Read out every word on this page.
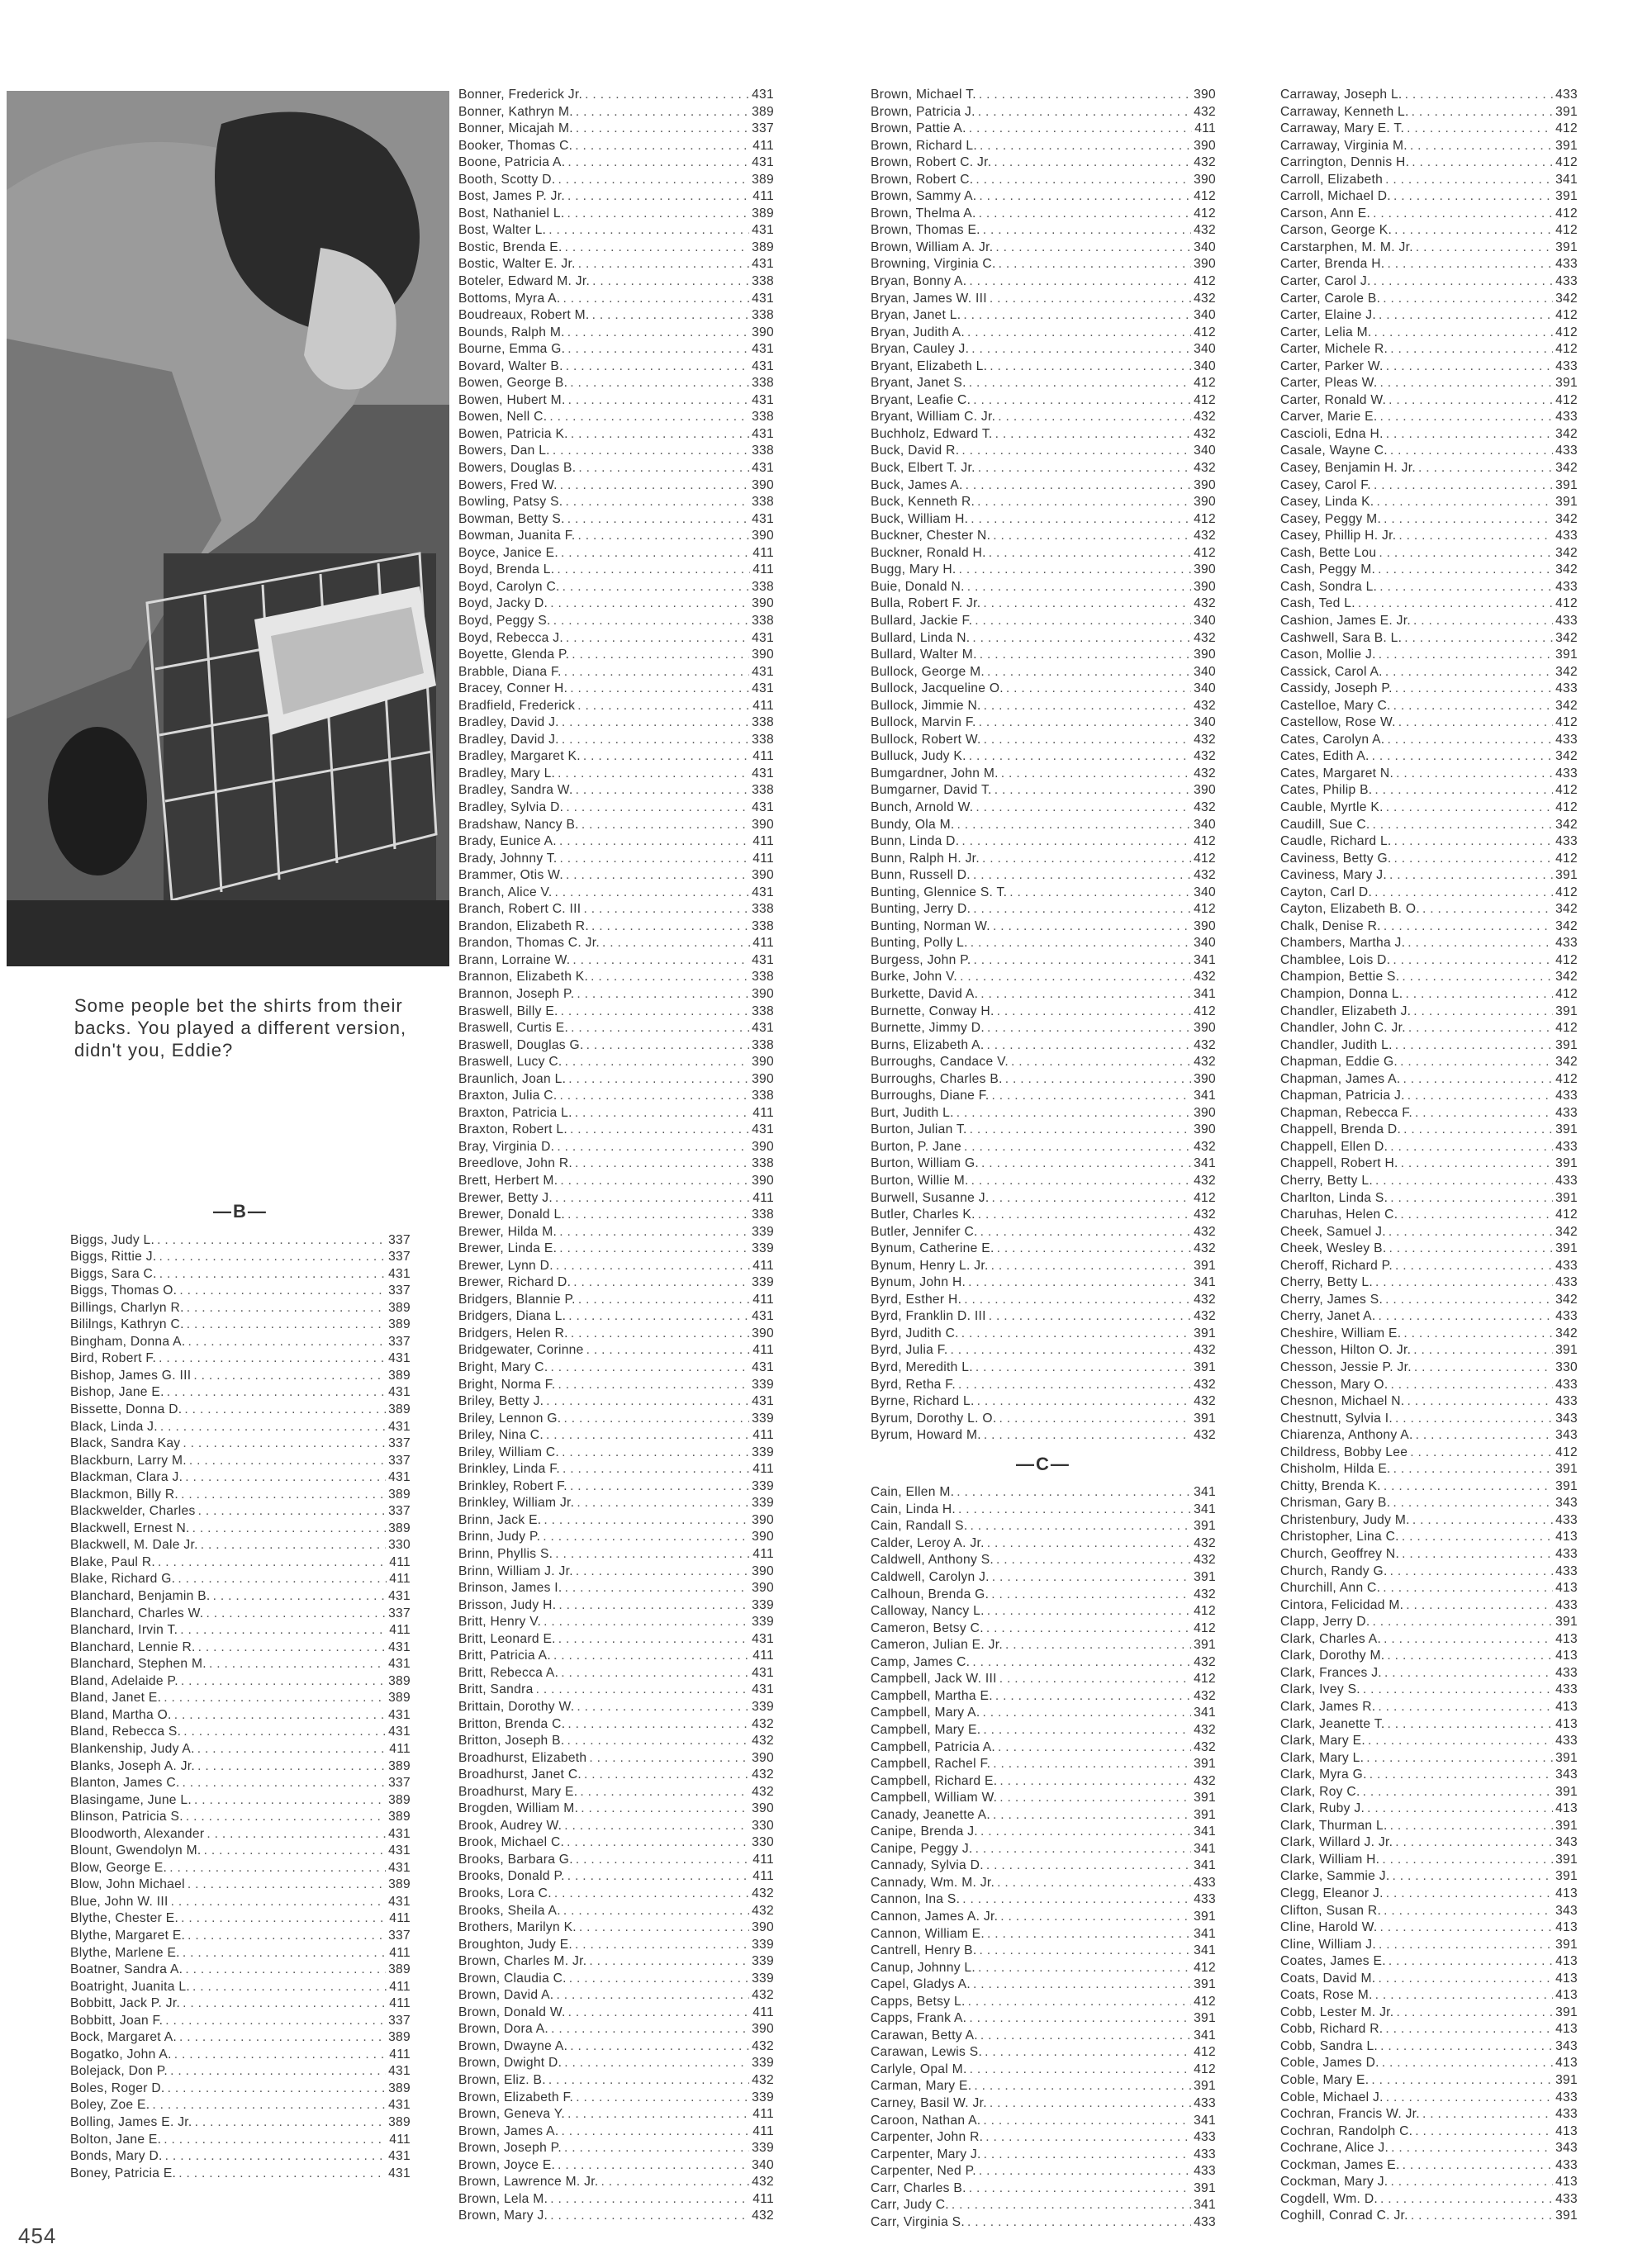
Some people bet the shirts from their backs. You played a different version, didn't you, Eddie?
—B—
Biggs, Judy L. . . .	337
Biggs, Rittie J. . . .	337
Biggs, Sara C. . . .	431
Biggs, Thomas O. . . .	337
Billings, Charlyn R. . . .	389
Bililngs, Kathryn C. . . .	389
Bingham, Donna A. . . .	337
Bird, Robert F. . . .	431
Bishop, James G. III . . .	389
Bishop, Jane E. . . .	431
Bissette, Donna D. . . .	389
Black, Linda J. . . .	431
Black, Sandra Kay . . .	337
Blackburn, Larry M. . . .	337
Blackman, Clara J. . . .	431
Blackmon, Billy R. . . .	389
Blackwelder, Charles . . .	337
Blackwell, Ernest N. . . .	389
Blackwell, M. Dale Jr. . . .	330
Blake, Paul R. . . .	411
Blake, Richard G. . . .	411
Blanchard, Benjamin B. . . .	431
Blanchard, Charles W. . . .	337
Blanchard, Irvin T. . . .	411
Blanchard, Lennie R. . . .	431
Blanchard, Stephen M. . . .	431
Bland, Adelaide P. . . .	389
Bland, Janet E. . . .	389
Bland, Martha O. . . .	431
Bland, Rebecca S. . . .	431
Blankenship, Judy A. . . .	411
Blanks, Joseph A. Jr. . . .	389
Blanton, James C. . . .	337
Blasingame, June L. . . .	389
Blinson, Patricia S. . . .	389
Bloodworth, Alexander . . .	431
Blount, Gwendolyn M. . . .	431
Blow, George E. . . .	431
Blow, John Michael . . .	389
Blue, John W. III . . .	431
Blythe, Chester E. . . .	411
Blythe, Margaret E. . . .	337
Blythe, Marlene E. . . .	411
Boatner, Sandra A. . . .	389
Boatright, Juanita L. . . .	411
Bobbitt, Jack P. Jr. . . .	411
Bobbitt, Joan F. . . .	337
Bock, Margaret A. . . .	389
Bogatko, John A. . . .	411
Bolejack, Don P. . . .	431
Boles, Roger D. . . .	389
Boley, Zoe E. . . .	431
Bolling, James E. Jr. . . .	389
Bolton, Jane E. . . .	411
Bonds, Mary D. . . .	431
Boney, Patricia E. . . .	431
Bonner, Frederick Jr. . . .	431
Bonner, Kathryn M. . . .	389
Bonner, Micajah M. . . .	337
Booker, Thomas C. . . .	411
Boone, Patricia A. . . .	431
Booth, Scotty D. . . .	389
Bost, James P. Jr. . . .	411
Bost, Nathaniel L. . . .	389
Bost, Walter L. . . .	431
Bostic, Brenda E. . . .	389
Bostic, Walter E. Jr. . . .	431
Boteler, Edward M. Jr. . . .	338
Bottoms, Myra A. . . .	431
Boudreaux, Robert M. . . .	338
Bounds, Ralph M. . . .	390
Bourne, Emma G. . . .	431
Bovard, Walter B. . . .	431
Bowen, George B. . . .	338
Bowen, Hubert M. . . .	431
Bowen, Nell C. . . .	338
Bowen, Patricia K. . . .	431
Bowers, Dan L. . . .	338
Bowers, Douglas B. . . .	431
Bowers, Fred W. . . .	390
Bowling, Patsy S. . . .	338
Bowman, Betty S. . . .	431
Bowman, Juanita F. . . .	390
Boyce, Janice E. . . .	411
Boyd, Brenda L. . . .	411
Boyd, Carolyn C. . . .	338
Boyd, Jacky D. . . .	390
Boyd, Peggy S. . . .	338
Boyd, Rebecca J. . . .	431
Boyette, Glenda P. . . .	390
Brabble, Diana F. . . .	431
Bracey, Conner H. . . .	431
Bradfield, Frederick . . .	411
Bradley, David J. . . .	338
Bradley, David J. . . .	338
Bradley, Margaret K. . . .	411
Bradley, Mary L. . . .	431
Bradley, Sandra W. . . .	338
Bradley, Sylvia D. . . .	431
Bradshaw, Nancy B. . . .	390
Brady, Eunice A. . . .	411
Brady, Johnny T. . . .	411
Brammer, Otis W. . . .	390
Branch, Alice V. . . .	431
Branch, Robert C. III . . .	338
Brandon, Elizabeth R. . . .	338
Brandon, Thomas C. Jr. . . .	411
Brann, Lorraine W. . . .	431
Brannon, Elizabeth K. . . .	338
Brannon, Joseph P. . . .	390
Braswell, Billy E. . . .	338
Braswell, Curtis E. . . .	431
Braswell, Douglas G. . . .	338
Braswell, Lucy C. . . .	390
Braunlich, Joan L. . . .	390
Braxton, Julia C. . . .	338
Braxton, Patricia L. . . .	411
Braxton, Robert L. . . .	431
Bray, Virginia D. . . .	390
Breedlove, John R. . . .	338
Brett, Herbert M. . . .	390
Brewer, Betty J. . . .	411
Brewer, Donald L. . . .	338
Brewer, Hilda M. . . .	339
Brewer, Linda E. . . .	339
Brewer, Lynn D. . . .	411
Brewer, Richard D. . . .	339
Bridgers, Blannie P. . . .	411
Bridgers, Diana L. . . .	431
Bridgers, Helen R. . . .	390
Bridgewater, Corinne . . .	411
Bright, Mary C. . . .	431
Bright, Norma F. . . .	339
Briley, Betty J. . . .	431
Briley, Lennon G. . . .	339
Briley, Nina C. . . .	411
Briley, William C. . . .	339
Brinkley, Linda F. . . .	411
Brinkley, Robert F. . . .	339
Brinkley, William Jr. . . .	339
Brinn, Jack E. . . .	390
Brinn, Judy P. . . .	390
Brinn, Phyllis S. . . .	411
Brinn, William J. Jr. . . .	390
Brinson, James I. . . .	390
Brisson, Judy H. . . .	339
Britt, Henry V. . . .	339
Britt, Leonard E. . . .	431
Britt, Patricia A. . . .	411
Britt, Rebecca A. . . .	431
Britt, Sandra . . .	431
Brittain, Dorothy W. . . .	339
Britton, Brenda C. . . .	432
Britton, Joseph B. . . .	432
Broadhurst, Elizabeth . . .	390
Broadhurst, Janet C. . . .	432
Broadhurst, Mary E. . . .	432
Brogden, William M. . . .	390
Brook, Audrey W. . . .	330
Brook, Michael C. . . .	330
Brooks, Barbara G. . . .	411
Brooks, Donald P. . . .	411
Brooks, Lora C. . . .	432
Brooks, Sheila A. . . .	432
Brothers, Marilyn K. . . .	390
Broughton, Judy E. . . .	339
Brown, Charles M. Jr. . . .	339
Brown, Claudia C. . . .	339
Brown, David A. . . .	432
Brown, Donald W. . . .	411
Brown, Dora A. . . .	390
Brown, Dwayne A. . . .	432
Brown, Dwight D. . . .	339
Brown, Eliz. B. . . .	432
Brown, Elizabeth F. . . .	339
Brown, Geneva Y. . . .	411
Brown, James A. . . .	411
Brown, Joseph P. . . .	339
Brown, Joyce E. . . .	340
Brown, Lawrence M. Jr. . . .	432
Brown, Lela M. . . .	411
Brown, Mary J. . . .	432
Brown, Michael T. . . .	390
Brown, Patricia J. . . .	432
Brown, Pattie A. . . .	411
Brown, Richard L. . . .	390
Brown, Robert C. Jr. . . .	432
Brown, Robert C. . . .	390
Brown, Sammy A. . . .	412
Brown, Thelma A. . . .	412
Brown, Thomas E. . . .	432
Brown, William A. Jr. . . .	340
Browning, Virginia C. . . .	390
Bryan, Bonny A. . . .	412
Bryan, James W. III . . .	432
Bryan, Janet L. . . .	340
Bryan, Judith A. . . .	412
Bryan, Cauley J. . . .	340
Bryant, Elizabeth L. . . .	340
Bryant, Janet S. . . .	412
Bryant, Leafie C. . . .	412
Bryant, William C. Jr. . . .	432
Buchholz, Edward T. . . .	432
Buck, David R. . . .	340
Buck, Elbert T. Jr. . . .	432
Buck, James A. . . .	390
Buck, Kenneth R. . . .	390
Buck, William H. . . .	412
Buckner, Chester N. . . .	432
Buckner, Ronald H. . . .	412
Bugg, Mary H. . . .	390
Buie, Donald N. . . .	390
Bulla, Robert F. Jr. . . .	432
Bullard, Jackie F. . . .	340
Bullard, Linda N. . . .	432
Bullard, Walter M. . . .	390
Bullock, George M. . . .	340
Bullock, Jacqueline O. . . .	340
Bullock, Jimmie N. . . .	432
Bullock, Marvin F. . . .	340
Bullock, Robert W. . . .	432
Bulluck, Judy K. . . .	432
Bumgardner, John M. . . .	432
Bumgarner, David T. . . .	390
Bunch, Arnold W. . . .	432
Bundy, Ola M. . . .	340
Bunn, Linda D. . . .	412
Bunn, Ralph H. Jr. . . .	412
Bunn, Russell D. . . .	432
Bunting, Glennice S. T. . . .	340
Bunting, Jerry D. . . .	412
Bunting, Norman W. . . .	390
Bunting, Polly L. . . .	340
Burgess, John P. . . .	341
Burke, John V. . . .	432
Burkette, David A. . . .	341
Burnette, Conway H. . . .	412
Burnette, Jimmy D. . . .	390
Burns, Elizabeth A. . . .	432
Burroughs, Candace V. . . .	432
Burroughs, Charles B. . . .	390
Burroughs, Diane F. . . .	341
Burt, Judith L. . . .	390
Burton, Julian T. . . .	390
Burton, P. Jane . . .	432
Burton, William G. . . .	341
Burton, Willie M. . . .	432
Burwell, Susanne J. . . .	412
Butler, Charles K. . . .	432
Butler, Jennifer C. . . .	432
Bynum, Catherine E. . . .	432
Bynum, Henry L. Jr. . . .	391
Bynum, John H. . . .	341
Byrd, Esther H. . . .	432
Byrd, Franklin D. III . . .	432
Byrd, Judith C. . . .	391
Byrd, Julia F. . . .	432
Byrd, Meredith L. . . .	391
Byrd, Retha F. . . .	432
Byrne, Richard L. . . .	432
Byrum, Dorothy L. O. . . .	391
Byrum, Howard M. . . .	432
—C—
Cain, Ellen M. . . .	341
Cain, Linda H. . . .	341
Cain, Randall S. . . .	391
Calder, Leroy A. Jr. . . .	432
Caldwell, Anthony S. . . .	432
Caldwell, Carolyn J. . . .	391
Calhoun, Brenda G. . . .	432
Calloway, Nancy L. . . .	412
Cameron, Betsy C. . . .	412
Cameron, Julian E. Jr. . . .	391
Camp, James C. . . .	432
Campbell, Jack W. III . . .	412
Campbell, Martha E. . . .	432
Campbell, Mary A. . . .	341
Campbell, Mary E. . . .	432
Campbell, Patricia A. . . .	432
Campbell, Rachel F. . . .	391
Campbell, Richard E. . . .	432
Campbell, William W. . . .	391
Canady, Jeanette A. . . .	391
Canipe, Brenda J. . . .	341
Canipe, Peggy J. . . .	341
Cannady, Sylvia D. . . .	341
Cannady, Wm. M. Jr. . . .	433
Cannon, Ina S. . . .	433
Cannon, James A. Jr. . . .	391
Cannon, William E. . . .	341
Cantrell, Henry B. . . .	341
Canup, Johnny L. . . .	412
Capel, Gladys A. . . .	391
Capps, Betsy L. . . .	412
Capps, Frank A. . . .	391
Carawan, Betty A. . . .	341
Carawan, Lewis S. . . .	412
Carlyle, Opal M. . . .	412
Carman, Mary E. . . .	391
Carney, Basil W. Jr. . . .	433
Caroon, Nathan A. . . .	341
Carpenter, John R. . . .	433
Carpenter, Mary J. . . .	433
Carpenter, Ned P. . . .	433
Carr, Charles B. . . .	391
Carr, Judy C. . . .	341
Carr, Virginia S. . . .	433
Carraway, Joseph L. . . .	433
Carraway, Kenneth L. . . .	391
Carraway, Mary E. T. . . .	412
Carraway, Virginia M. . . .	391
Carrington, Dennis H. . . .	412
Carroll, Elizabeth . . .	341
Carroll, Michael D. . . .	391
Carson, Ann E. . . .	412
Carson, George K. . . .	412
Carstarphen, M. M. Jr. . . .	391
Carter, Brenda H. . . .	433
Carter, Carol J. . . .	433
Carter, Carole B. . . .	342
Carter, Elaine J. . . .	412
Carter, Lelia M. . . .	412
Carter, Michele R. . . .	412
Carter, Parker W. . . .	433
Carter, Pleas W. . . .	391
Carter, Ronald W. . . .	412
Carver, Marie E. . . .	433
Cascioli, Edna H. . . .	342
Casale, Wayne C. . . .	433
Casey, Benjamin H. Jr. . . .	342
Casey, Carol F. . . .	391
Casey, Linda K. . . .	391
Casey, Peggy M. . . .	342
Casey, Phillip H. Jr. . . .	433
Cash, Bette Lou . . .	342
Cash, Peggy M. . . .	342
Cash, Sondra L. . . .	433
Cash, Ted L. . . .	412
Cashion, James E. Jr. . . .	433
Cashwell, Sara B. L. . . .	342
Cason, Mollie J. . . .	391
Cassick, Carol A. . . .	342
Cassidy, Joseph P. . . .	433
Castelloe, Mary C. . . .	342
Castellow, Rose W. . . .	412
Cates, Carolyn A. . . .	433
Cates, Edith A. . . .	342
Cates, Margaret N. . . .	433
Cates, Philip B. . . .	412
Cauble, Myrtle K. . . .	412
Caudill, Sue C. . . .	342
Caudle, Richard L. . . .	433
Caviness, Betty G. . . .	412
Caviness, Mary J. . . .	391
Cayton, Carl D. . . .	412
Cayton, Elizabeth B. O. . . .	342
Chalk, Denise R. . . .	342
Chambers, Martha J. . . .	433
Chamblee, Lois D. . . .	412
Champion, Bettie S. . . .	342
Champion, Donna L. . . .	412
Chandler, Elizabeth J. . . .	391
Chandler, John C. Jr. . . .	412
Chandler, Judith L. . . .	391
Chapman, Eddie G. . . .	342
Chapman, James A. . . .	412
Chapman, Patricia J. . . .	433
Chapman, Rebecca F. . . .	433
Chappell, Brenda D. . . .	391
Chappell, Ellen D. . . .	433
Chappell, Robert H. . . .	391
Cherry, Betty L. . . .	433
Charlton, Linda S. . . .	391
Charuhas, Helen C. . . .	412
Cheek, Samuel J. . . .	342
Cheek, Wesley B. . . .	391
Cheroff, Richard P. . . .	433
Cherry, Betty L. . . .	433
Cherry, James S. . . .	342
Cherry, Janet A. . . .	433
Cheshire, William E. . . .	342
Chesson, Hilton O. Jr. . . .	391
Chesson, Jessie P. Jr. . . .	330
Chesson, Mary O. . . .	433
Chesnon, Michael N. . . .	433
Chestnutt, Sylvia I. . . .	343
Chiarenza, Anthony A. . . .	343
Childress, Bobby Lee . . .	412
Chisholm, Hilda E. . . .	391
Chitty, Brenda K. . . .	391
Chrisman, Gary B. . . .	343
Christenbury, Judy M. . . .	433
Christopher, Lina C. . . .	413
Church, Geoffrey N. . . .	433
Church, Randy G. . . .	433
Churchill, Ann C. . . .	413
Cintora, Felicidad M. . . .	433
Clapp, Jerry D. . . .	391
Clark, Charles A. . . .	413
Clark, Dorothy M. . . .	413
Clark, Frances J. . . .	433
Clark, Ivey S. . . .	433
Clark, James R. . . .	413
Clark, Jeanette T. . . .	413
Clark, Mary E. . . .	433
Clark, Mary L. . . .	391
Clark, Myra G. . . .	343
Clark, Roy C. . . .	391
Clark, Ruby J. . . .	413
Clark, Thurman L. . . .	391
Clark, Willard J. Jr. . . .	343
Clark, William H. . . .	391
Clarke, Sammie J. . . .	391
Clegg, Eleanor J. . . .	413
Clifton, Susan R. . . .	343
Cline, Harold W. . . .	413
Cline, William J. . . .	391
Coates, James E. . . .	413
Coats, David M. . . .	413
Coats, Rose M. . . .	413
Cobb, Lester M. Jr. . . .	391
Cobb, Richard R. . . .	413
Cobb, Sandra L. . . .	343
Coble, James D. . . .	413
Coble, Mary E. . . .	391
Coble, Michael J. . . .	433
Cochran, Francis W. Jr. . . .	433
Cochran, Randolph C. . . .	413
Cochrane, Alice J. . . .	343
Cockman, James E. . . .	433
Cockman, Mary J. . . .	413
Cogdell, Wm. D. . . .	433
Coghill, Conrad C. Jr. . . .	391
454
